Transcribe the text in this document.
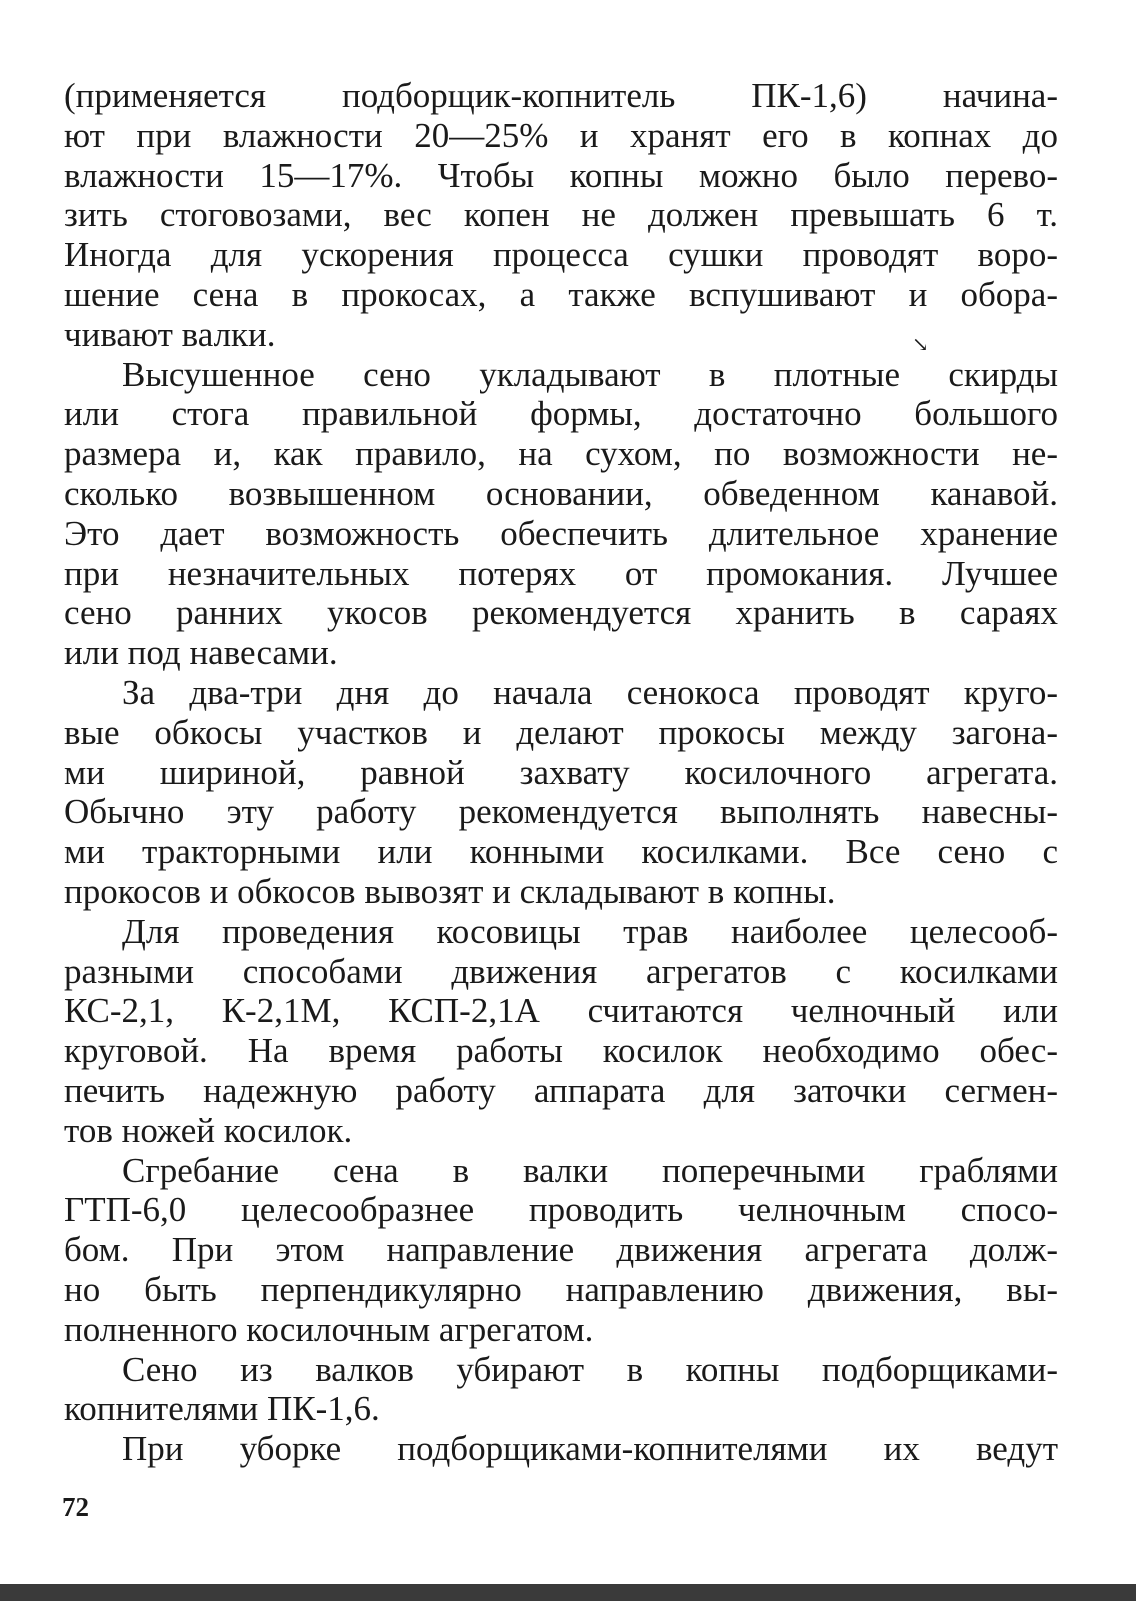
(применяется подборщик-копнитель ПК-1,6) начина-
ют при влажности 20—25% и хранят его в копнах до
влажности 15—17%. Чтобы копны можно было перево-
зить стоговозами, вес копен не должен превышать 6 т.
Иногда для ускорения процесса сушки проводят воро-
шение сена в прокосах, а также вспушивают и обора-
чивают валки.
Высушенное сено укладывают в плотные скирды
или стога правильной формы, достаточно большого
размера и, как правило, на сухом, по возможности не-
сколько возвышенном основании, обведенном канавой.
Это дает возможность обеспечить длительное хранение
при незначительных потерях от промокания. Лучшее
сено ранних укосов рекомендуется хранить в сараях
или под навесами.
За два-три дня до начала сенокоса проводят круго-
вые обкосы участков и делают прокосы между загона-
ми шириной, равной захвату косилочного агрегата.
Обычно эту работу рекомендуется выполнять навесны-
ми тракторными или конными косилками. Все сено с
прокосов и обкосов вывозят и складывают в копны.
Для проведения косовицы трав наиболее целесооб-
разными способами движения агрегатов с косилками
КС-2,1, К-2,1М, КСП-2,1А считаются челночный или
круговой. На время работы косилок необходимо обес-
печить надежную работу аппарата для заточки сегмен-
тов ножей косилок.
Сгребание сена в валки поперечными граблями
ГТП-6,0 целесообразнее проводить челночным спосо-
бом. При этом направление движения агрегата долж-
но быть перпендикулярно направлению движения, вы-
полненного косилочным агрегатом.
Сено из валков убирают в копны подборщиками-
копнителями ПК-1,6.
При уборке подборщиками-копнителями их ведут
↘
72
